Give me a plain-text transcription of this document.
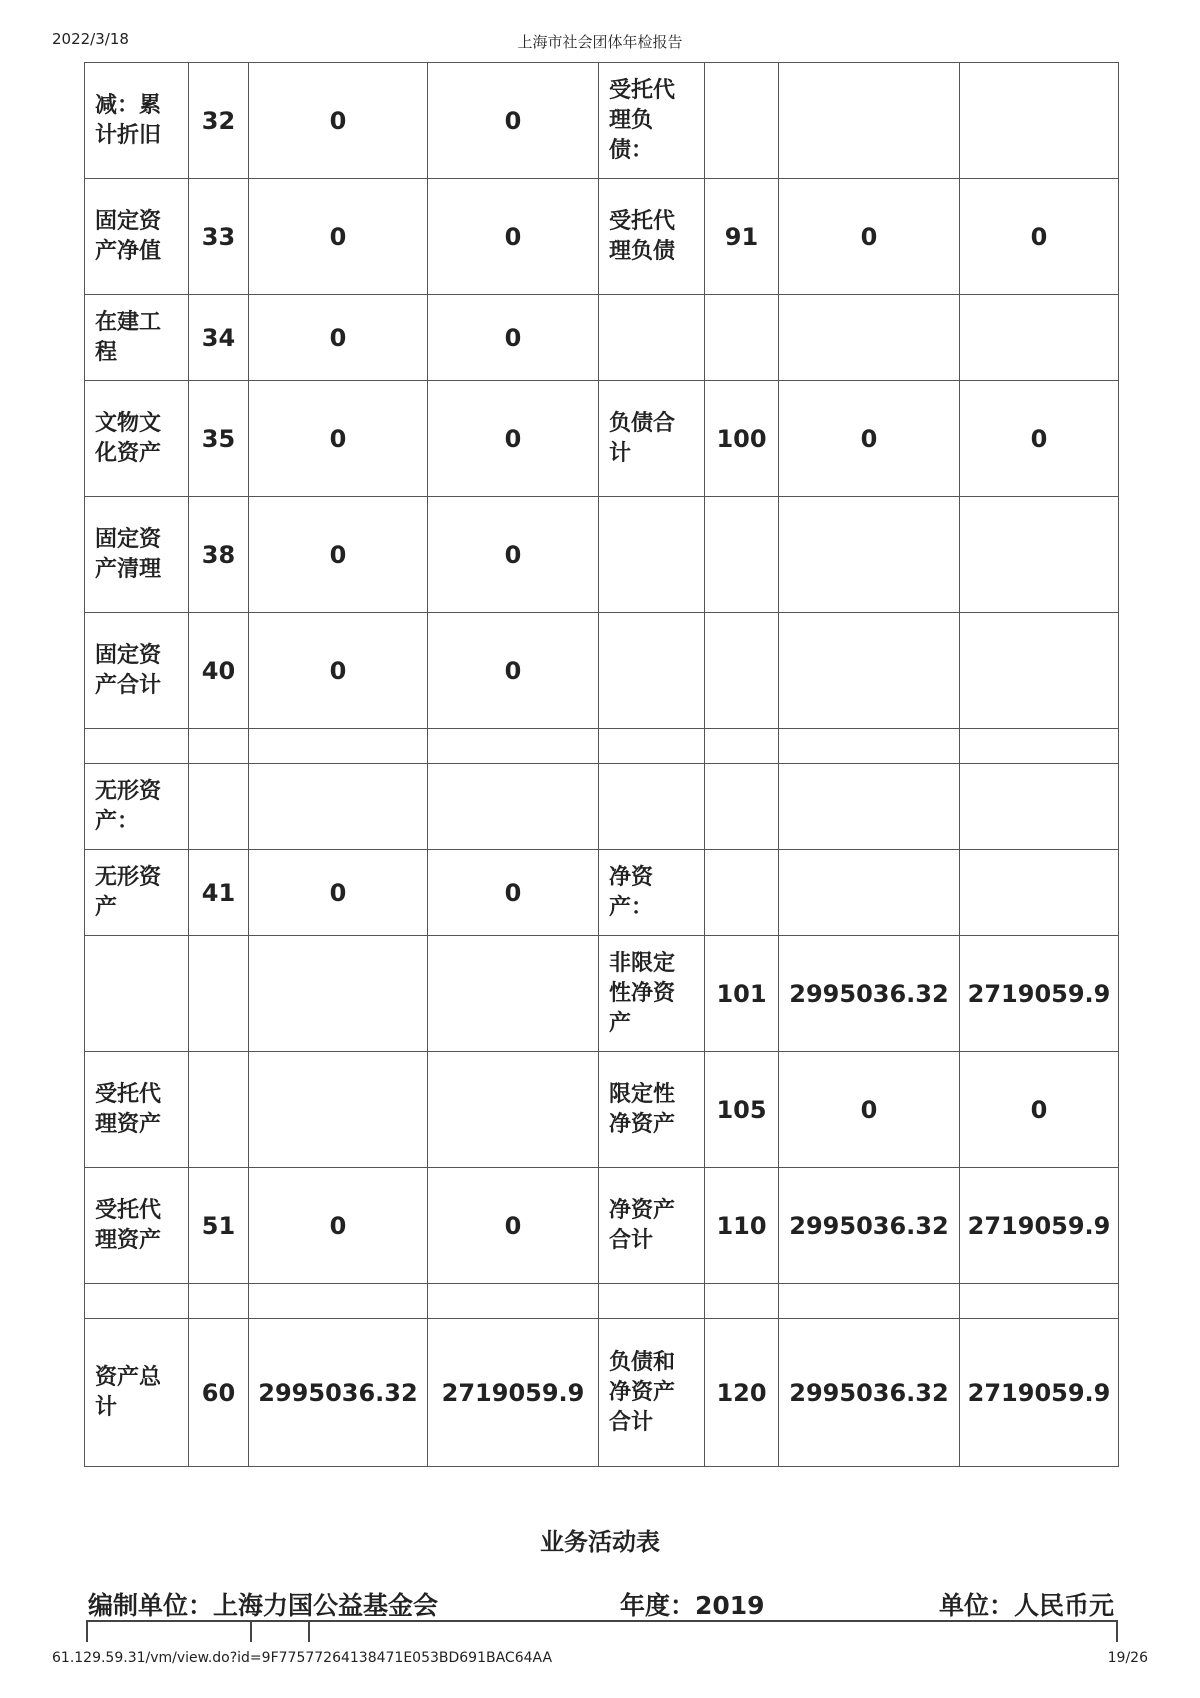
2022/3/18	上海市社会团体年检报告
减：累计折旧	32	0	0	受托代理负债：			

固定资产净值	33	0	0	受托代理负债	91	0	0

在建工程	34	0	0	

文物文化资产	35	0	0	负债合计	100	0	0

固定资产清理	38	0	0	

固定资产合计	40	0	0	

无形资产：							

无形资产	41	0	0	净资产：			

				非限定性净资产	101	2995036.32	2719059.9

受托代理资产				限定性净资产	105	0	0

受托代理资产	51	0	0	净资产合计	110	2995036.32	2719059.9

资产总计	60	2995036.32	2719059.9	负债和净资产合计	120	2995036.32	2719059.9
业务活动表
编制单位：上海力国公益基金会	年度：2019	单位：人民币元
61.129.59.31/vm/view.do?id=9F77577264138471E053BD691BAC64AA	19/26
